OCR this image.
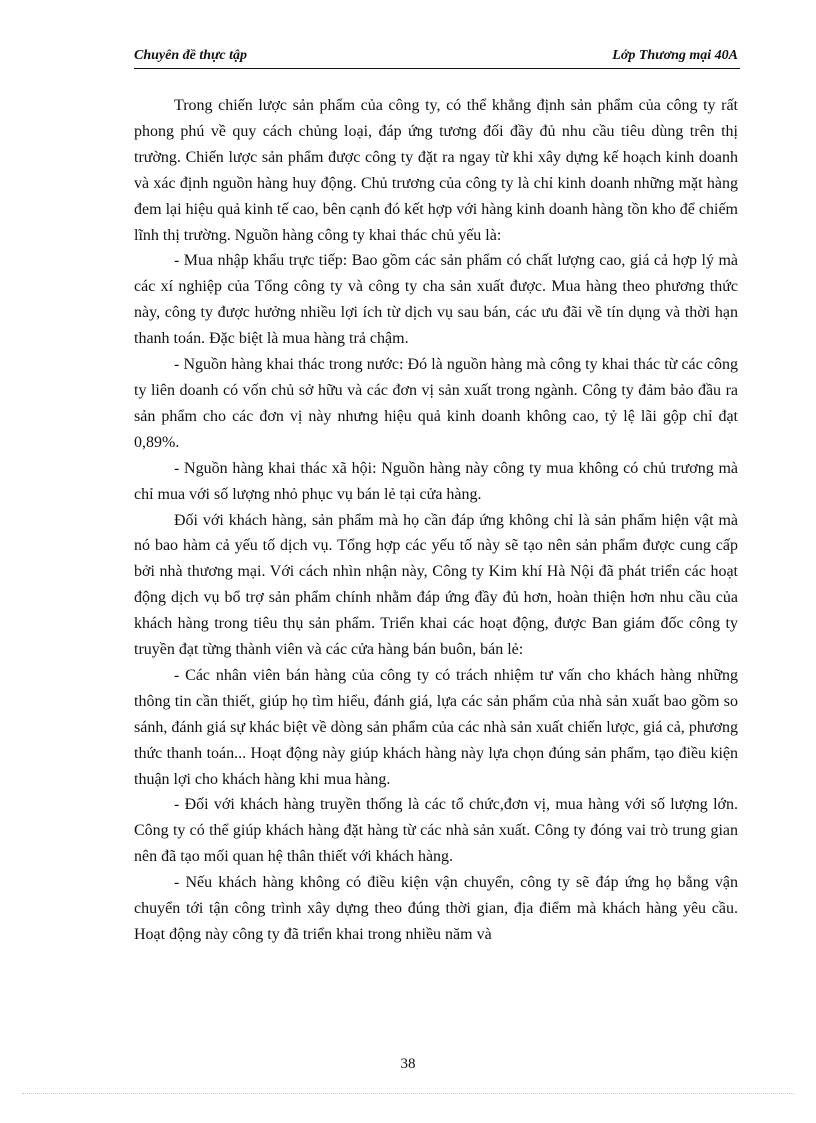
Chuyên đề thực tập	Lớp Thương mại 40A

Trong chiến lược sản phẩm của công ty, có thể khẳng định sản phẩm của công ty rất phong phú về quy cách chủng loại, đáp ứng tương đối đầy đủ nhu cầu tiêu dùng trên thị trường. Chiến lược sản phẩm được công ty đặt ra ngay từ khi xây dựng kế hoạch kinh doanh và xác định nguồn hàng huy động. Chủ trương của công ty là chỉ kinh doanh những mặt hàng đem lại hiệu quả kinh tế cao, bên cạnh đó kết hợp với hàng kinh doanh hàng tồn kho để chiếm lĩnh thị trường. Nguồn hàng công ty khai thác chủ yếu là:

- Mua nhập khẩu trực tiếp: Bao gồm các sản phẩm có chất lượng cao, giá cả hợp lý mà các xí nghiệp của Tổng công ty và công ty cha sản xuất được. Mua hàng theo phương thức này, công ty được hưởng nhiều lợi ích từ dịch vụ sau bán, các ưu đãi về tín dụng và thời hạn thanh toán. Đặc biệt là mua hàng trả chậm.

- Nguồn hàng khai thác trong nước: Đó là nguồn hàng mà công ty khai thác từ các công ty liên doanh có vốn chủ sở hữu và các đơn vị sản xuất trong ngành. Công ty đảm bảo đầu ra sản phẩm cho các đơn vị này nhưng hiệu quả kinh doanh không cao, tỷ lệ lãi gộp chỉ đạt 0,89%.

- Nguồn hàng khai thác xã hội: Nguồn hàng này công ty mua không có chủ trương mà chỉ mua với số lượng nhỏ phục vụ bán lẻ tại cửa hàng.

Đối với khách hàng, sản phẩm mà họ cần đáp ứng không chỉ là sản phẩm hiện vật mà nó bao hàm cả yếu tố dịch vụ. Tổng hợp các yếu tố này sẽ tạo nên sản phẩm được cung cấp bởi nhà thương mại. Với cách nhìn nhận này, Công ty Kim khí Hà Nội đã phát triển các hoạt động dịch vụ bổ trợ sản phẩm chính nhằm đáp ứng đầy đủ hơn, hoàn thiện hơn nhu cầu của khách hàng trong tiêu thụ sản phẩm. Triển khai các hoạt động, được Ban giám đốc công ty truyền đạt từng thành viên và các cửa hàng bán buôn, bán lẻ:

- Các nhân viên bán hàng của công ty có trách nhiệm tư vấn cho khách hàng những thông tin cần thiết, giúp họ tìm hiểu, đánh giá, lựa các sản phẩm của nhà sản xuất bao gồm so sánh, đánh giá sự khác biệt về dòng sản phẩm của các nhà sản xuất chiến lược, giá cả, phương thức thanh toán... Hoạt động này giúp khách hàng này lựa chọn đúng sản phẩm, tạo điều kiện thuận lợi cho khách hàng khi mua hàng.

- Đối với khách hàng truyền thống là các tổ chức,đơn vị, mua hàng với số lượng lớn. Công ty có thể giúp khách hàng đặt hàng từ các nhà sản xuất. Công ty đóng vai trò trung gian nên đã tạo mối quan hệ thân thiết với khách hàng.

- Nếu khách hàng không có điều kiện vận chuyển, công ty sẽ đáp ứng họ bằng vận chuyển tới tận công trình xây dựng theo đúng thời gian, địa điểm mà khách hàng yêu cầu. Hoạt động này công ty đã triển khai trong nhiều năm và

38
